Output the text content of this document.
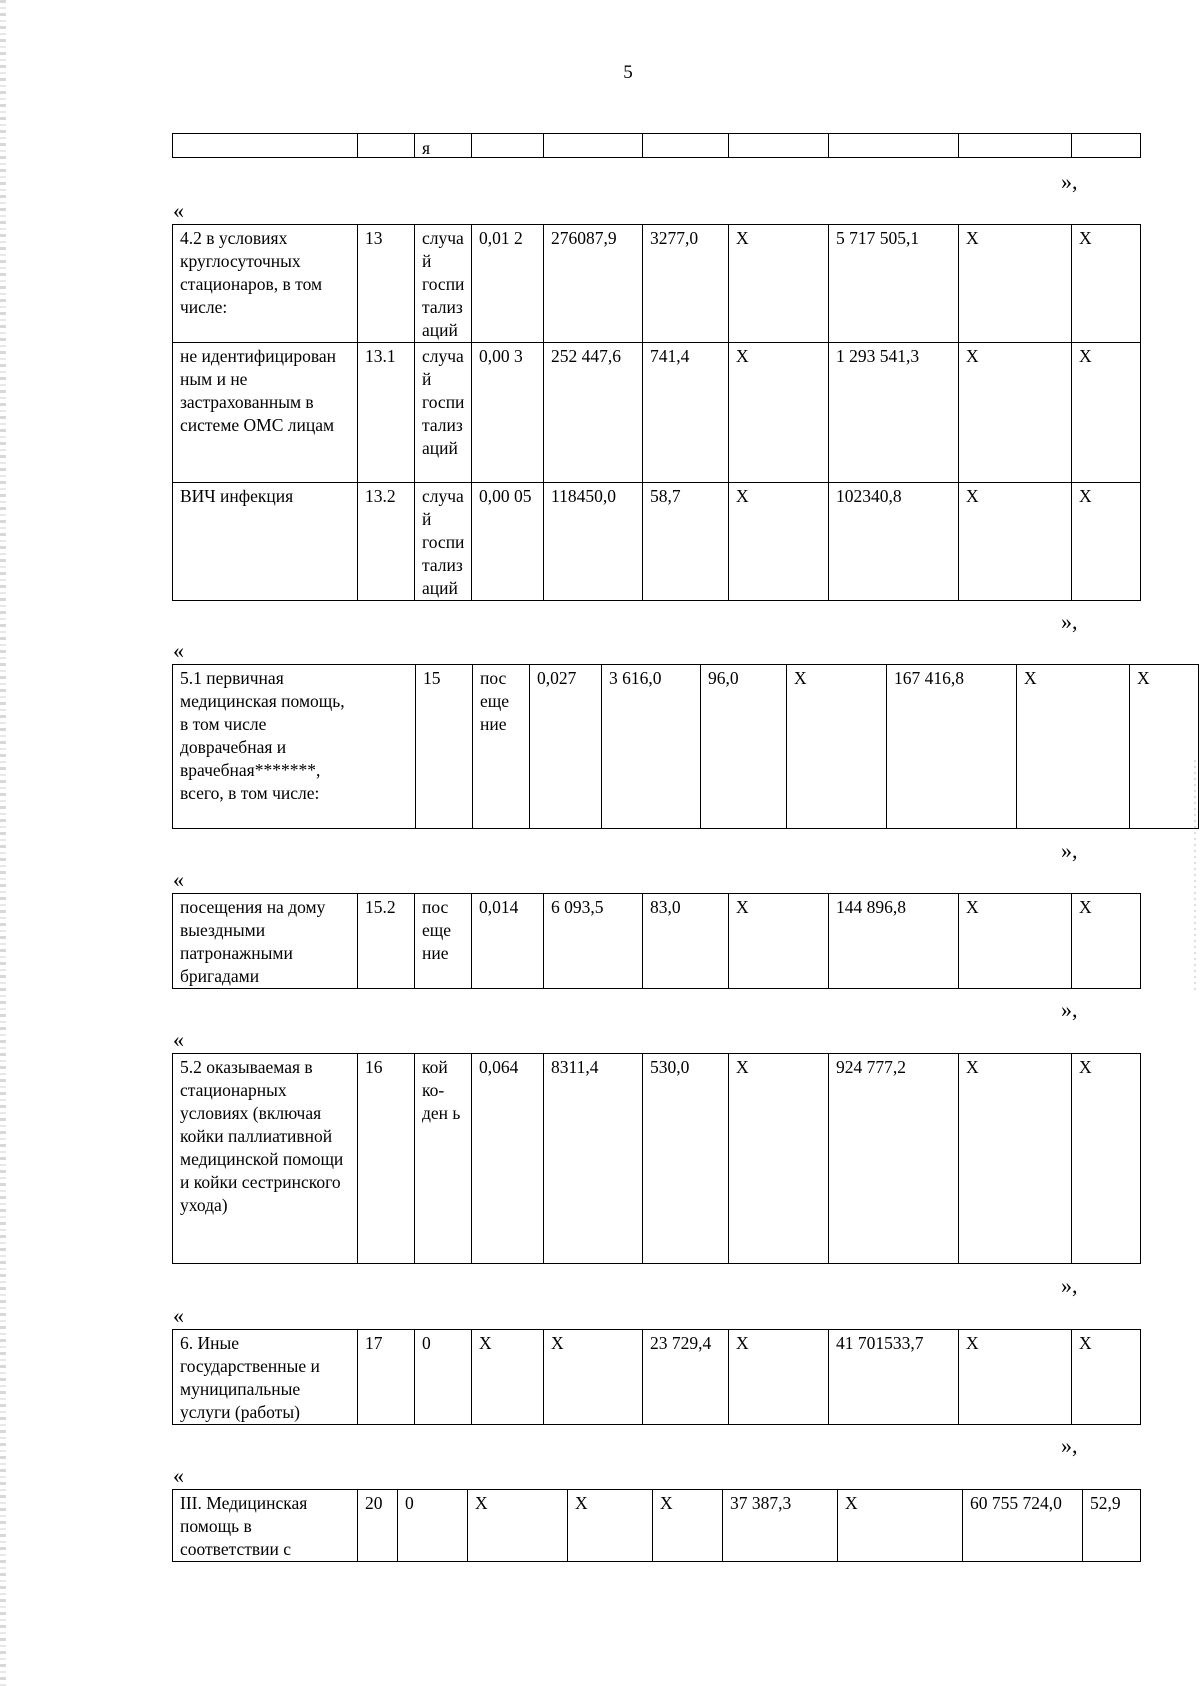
5
		я							
»,
«
4.2 в условиях круглосуточных стационаров, в том числе:	13	случа й госпи тализ аций	0,01 2	276087,9	3277,0	Х	5 717 505,1	Х	Х
не идентифицирован ным и не застрахованным в системе ОМС лицам	13.1	случа й госпи тализ аций	0,00 3	252 447,6	741,4	Х	1 293 541,3	Х	Х
ВИЧ инфекция	13.2	случа й госпи тализ аций	0,00 05	118450,0	58,7	Х	102340,8	Х	Х
»,
«
5.1 первичная медицинская помощь, в том числе доврачебная и врачебная*******, всего, в том числе:	15	пос еще ние	0,027	3 616,0	96,0	Х	167 416,8	Х	Х
»,
«
посещения на дому выездными патронажными бригадами	15.2	пос еще ние	0,014	6 093,5	83,0	Х	144 896,8	Х	Х
»,
«
5.2 оказываемая в стационарных условиях (включая койки паллиативной медицинской помощи и койки сестринского ухода)	16	кой ко- ден ь	0,064	8311,4	530,0	Х	924 777,2	Х	Х
»,
«
6. Иные государственные и муниципальные услуги (работы)	17	0	Х	Х	23 729,4	Х	41 701533,7	Х	Х
»,
«
III. Медицинская помощь в соответствии с	20	0	Х	Х	Х	37 387,3	Х	60 755 724,0	52,9
